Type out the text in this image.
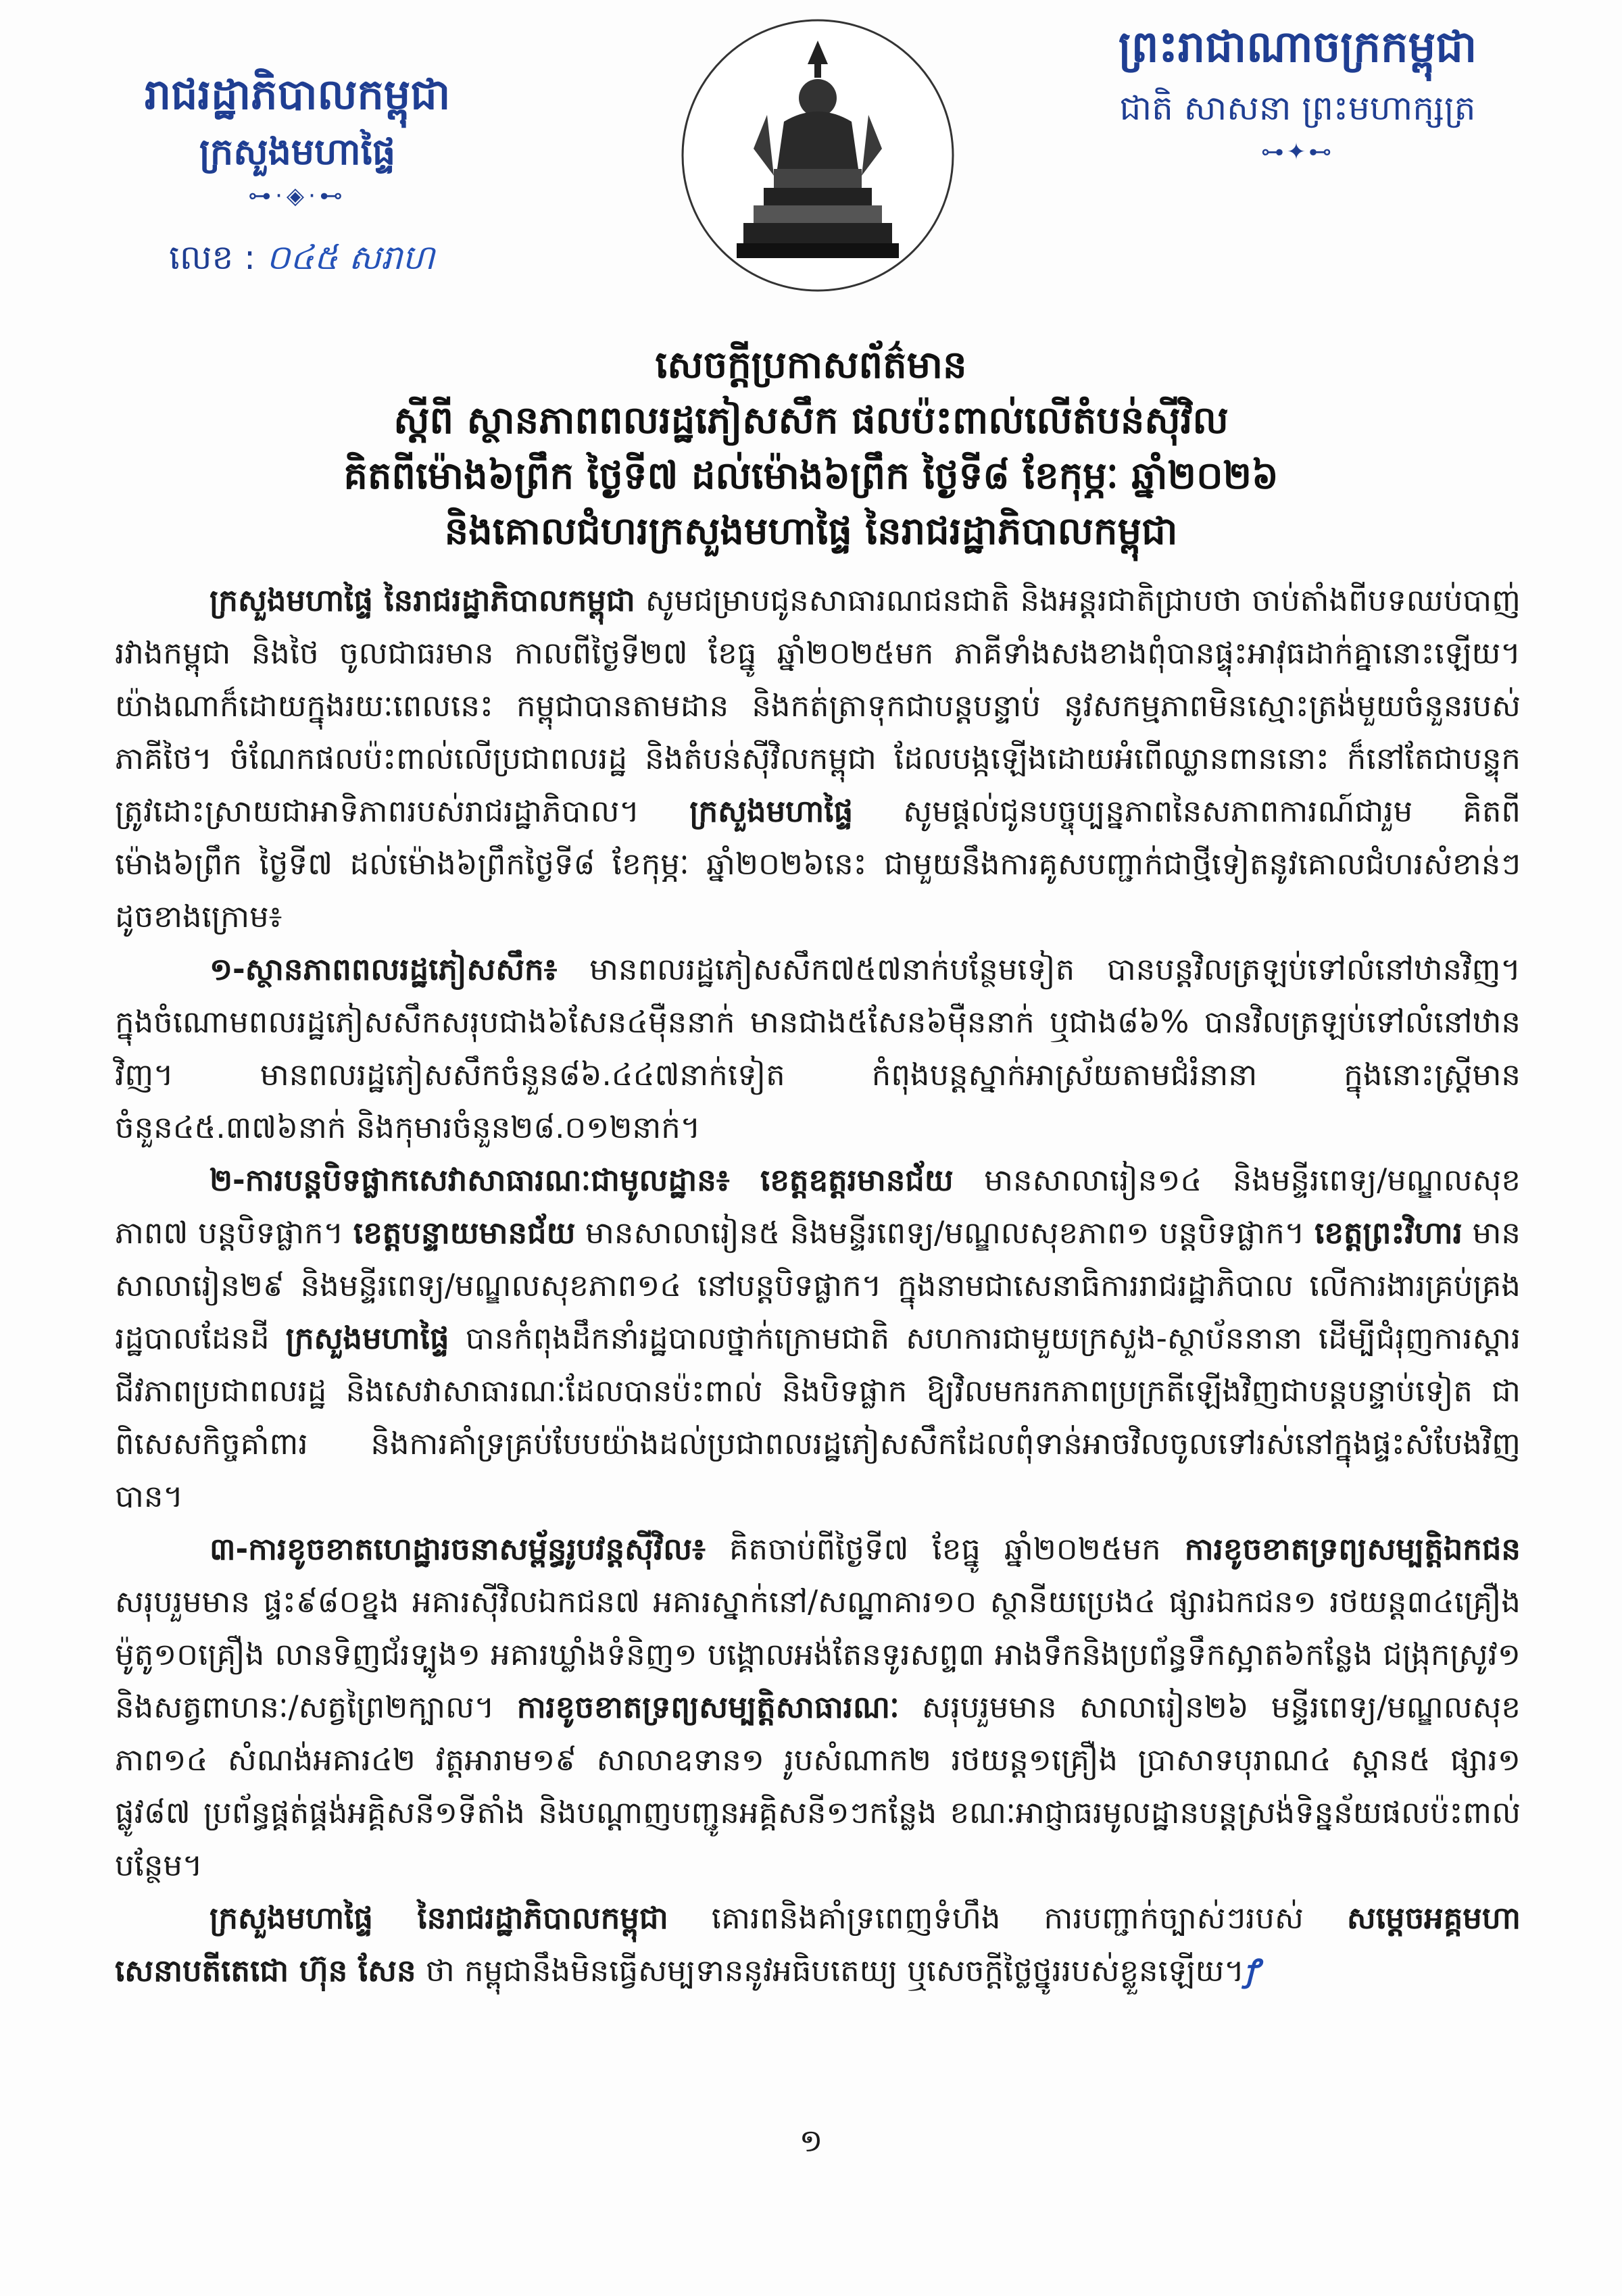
រាជរដ្ឋាភិបាលកម្ពុជា
ក្រសួងមហាផ្ទៃ
⊶·◈·⊷
លេខ : ០៤៥ សរាហ
ព្រះរាជាណាចក្រកម្ពុជា
ជាតិ សាសនា ព្រះមហាក្សត្រ
⊶✦⊷
សេចក្ដីប្រកាសព័ត៌មាន
ស្ដីពី ស្ថានភាពពលរដ្ឋភៀសសឹក ផលប៉ះពាល់លើតំបន់ស៊ីវិល
គិតពីម៉ោង៦ព្រឹក ថ្ងៃទី៧ ដល់ម៉ោង៦ព្រឹក ថ្ងៃទី៨ ខែកុម្ភៈ ឆ្នាំ២០២៦
និងគោលជំហរក្រសួងមហាផ្ទៃ នៃរាជរដ្ឋាភិបាលកម្ពុជា

ក្រសួងមហាផ្ទៃ នៃរាជរដ្ឋាភិបាលកម្ពុជា សូមជម្រាបជូនសាធារណជនជាតិ និងអន្តរជាតិជ្រាបថា ចាប់តាំងពីបទឈប់បាញ់រវាងកម្ពុជា និងថៃ ចូលជាធរមាន កាលពីថ្ងៃទី២៧ ខែធ្នូ ឆ្នាំ២០២៥មក ភាគីទាំងសងខាងពុំបានផ្ទុះអាវុធដាក់គ្នានោះឡើយ។ យ៉ាងណាក៏ដោយក្នុងរយៈពេលនេះ កម្ពុជាបានតាមដាន និងកត់ត្រាទុកជាបន្តបន្ទាប់ នូវសកម្មភាពមិនស្មោះត្រង់មួយចំនួនរបស់ភាគីថៃ។ ចំណែកផលប៉ះពាល់លើប្រជាពលរដ្ឋ និងតំបន់ស៊ីវិលកម្ពុជា ដែលបង្កឡើងដោយអំពើឈ្លានពាននោះ ក៏នៅតែជាបន្ទុកត្រូវដោះស្រាយជាអាទិភាពរបស់រាជរដ្ឋាភិបាល។ ក្រសួងមហាផ្ទៃ សូមផ្ដល់ជូនបច្ចុប្បន្នភាពនៃសភាពការណ៍ជារួម គិតពីម៉ោង៦ព្រឹក ថ្ងៃទី៧ ដល់ម៉ោង៦ព្រឹកថ្ងៃទី៨ ខែកុម្ភៈ ឆ្នាំ២០២៦នេះ ជាមួយនឹងការគូសបញ្ជាក់ជាថ្មីទៀតនូវគោលជំហរសំខាន់ៗ ដូចខាងក្រោម៖

១-ស្ថានភាពពលរដ្ឋភៀសសឹក៖ មានពលរដ្ឋភៀសសឹក៧៥៧នាក់បន្ថែមទៀត បានបន្តវិលត្រឡប់ទៅលំនៅឋានវិញ។ ក្នុងចំណោមពលរដ្ឋភៀសសឹកសរុបជាង៦សែន៤ម៉ឺននាក់ មានជាង៥សែន៦ម៉ឺននាក់ ឬជាង៨៦% បានវិលត្រឡប់ទៅលំនៅឋានវិញ។ មានពលរដ្ឋភៀសសឹកចំនួន៨៦.៤៤៧នាក់ទៀត កំពុងបន្តស្នាក់អាស្រ័យតាមជំរំនានា ក្នុងនោះស្ត្រីមានចំនួន៤៥.៣៧៦នាក់ និងកុមារចំនួន២៨.០១២នាក់។

២-ការបន្តបិទផ្លាកសេវាសាធារណៈជាមូលដ្ឋាន៖ ខេត្តឧត្តរមានជ័យ មានសាលារៀន១៤ និងមន្ទីរពេទ្យ/មណ្ឌលសុខភាព៧ បន្តបិទផ្លាក។ ខេត្តបន្ទាយមានជ័យ មានសាលារៀន៥ និងមន្ទីរពេទ្យ/មណ្ឌលសុខភាព១ បន្តបិទផ្លាក។ ខេត្តព្រះវិហារ មានសាលារៀន២៩ និងមន្ទីរពេទ្យ/មណ្ឌលសុខភាព១៤ នៅបន្តបិទផ្លាក។ ក្នុងនាមជាសេនាធិការរាជរដ្ឋាភិបាល លើការងារគ្រប់គ្រងរដ្ឋបាលដែនដី ក្រសួងមហាផ្ទៃ បានកំពុងដឹកនាំរដ្ឋបាលថ្នាក់ក្រោមជាតិ សហការជាមួយក្រសួង-ស្ថាប័ននានា ដើម្បីជំរុញការស្ដារជីវភាពប្រជាពលរដ្ឋ និងសេវាសាធារណៈដែលបានប៉ះពាល់ និងបិទផ្លាក ឱ្យវិលមករកភាពប្រក្រតីឡើងវិញជាបន្តបន្ទាប់ទៀត ជាពិសេសកិច្ចគាំពារ និងការគាំទ្រគ្រប់បែបយ៉ាងដល់ប្រជាពលរដ្ឋភៀសសឹកដែលពុំទាន់អាចវិលចូលទៅរស់នៅក្នុងផ្ទះសំបែងវិញបាន។

៣-ការខូចខាតហេដ្ឋារចនាសម្ព័ន្ធរូបវន្តស៊ីវិល៖ គិតចាប់ពីថ្ងៃទី៧ ខែធ្នូ ឆ្នាំ២០២៥មក ការខូចខាតទ្រព្យសម្បត្តិឯកជន សរុបរួមមាន ផ្ទះ៩៨០ខ្នង អគារស៊ីវិលឯកជន៧ អគារស្នាក់នៅ/សណ្ឋាគារ១០ ស្ថានីយប្រេង៤ ផ្សារឯកជន១ រថយន្ត៣៤គ្រឿង ម៉ូតូ១០គ្រឿង លានទិញជ័រទ្បូង១ អគារឃ្លាំងទំនិញ១ បង្គោលអង់តែនទូរសព្ទ៣ អាងទឹកនិងប្រព័ន្ធទឹកស្អាត៦កន្លែង ជង្រុកស្រូវ១ និងសត្វពាហនៈ/សត្វព្រៃ២ក្បាល។ ការខូចខាតទ្រព្យសម្បត្តិសាធារណៈ សរុបរួមមាន សាលារៀន២៦ មន្ទីរពេទ្យ/មណ្ឌលសុខភាព១៤ សំណង់អគារ៤២ វត្តអារាម១៩ សាលាឧទាន១ រូបសំណាក២ រថយន្ត១គ្រឿង ប្រាសាទបុរាណ៤ ស្ពាន៥ ផ្សារ១ ផ្លូវ៨៧ ប្រព័ន្ធផ្គត់ផ្គង់អគ្គិសនី១ទីតាំង និងបណ្ដាញបញ្ជូនអគ្គិសនី១ៗកន្លែង ខណៈអាជ្ញាធរមូលដ្ឋានបន្តស្រង់ទិន្នន័យផលប៉ះពាល់បន្ថែម។

ក្រសួងមហាផ្ទៃ នៃរាជរដ្ឋាភិបាលកម្ពុជា គោរពនិងគាំទ្រពេញទំហឹង ការបញ្ជាក់ច្បាស់ៗរបស់ សម្ដេចអគ្គមហាសេនាបតីតេជោ ហ៊ុន សែន ថា កម្ពុជានឹងមិនធ្វើសម្បទាននូវអធិបតេយ្យ ឬសេចក្ដីថ្លៃថ្នូររបស់ខ្លួនឡើយ។ꝭ

១
